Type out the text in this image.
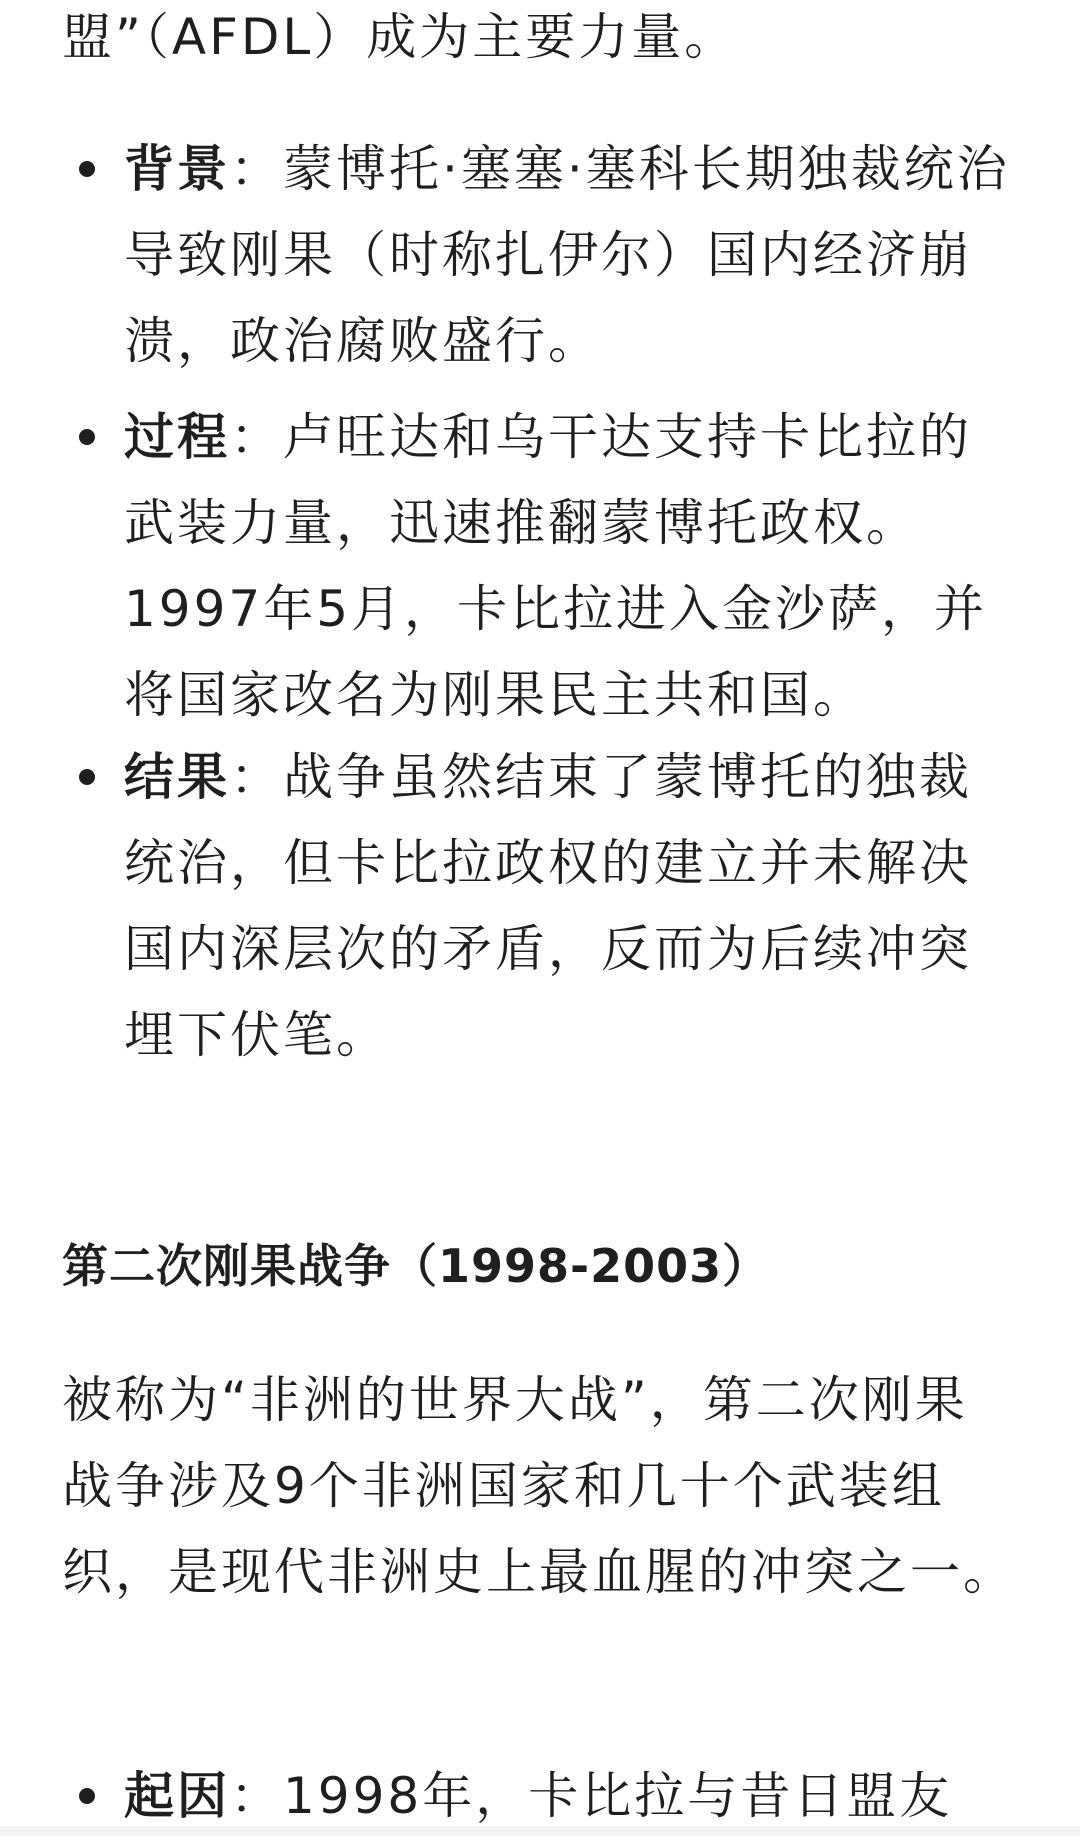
盟”（AFDL）成为主要力量。

背景：蒙博托·塞塞·塞科长期独裁统治导致刚果（时称扎伊尔）国内经济崩溃，政治腐败盛行。

过程：卢旺达和乌干达支持卡比拉的武装力量，迅速推翻蒙博托政权。1997年5月，卡比拉进入金沙萨，并将国家改名为刚果民主共和国。

结果：战争虽然结束了蒙博托的独裁统治，但卡比拉政权的建立并未解决国内深层次的矛盾，反而为后续冲突埋下伏笔。

第二次刚果战争（1998-2003）

被称为“非洲的世界大战”，第二次刚果战争涉及9个非洲国家和几十个武装组织，是现代非洲史上最血腥的冲突之一。

起因：1998年，卡比拉与昔日盟友
